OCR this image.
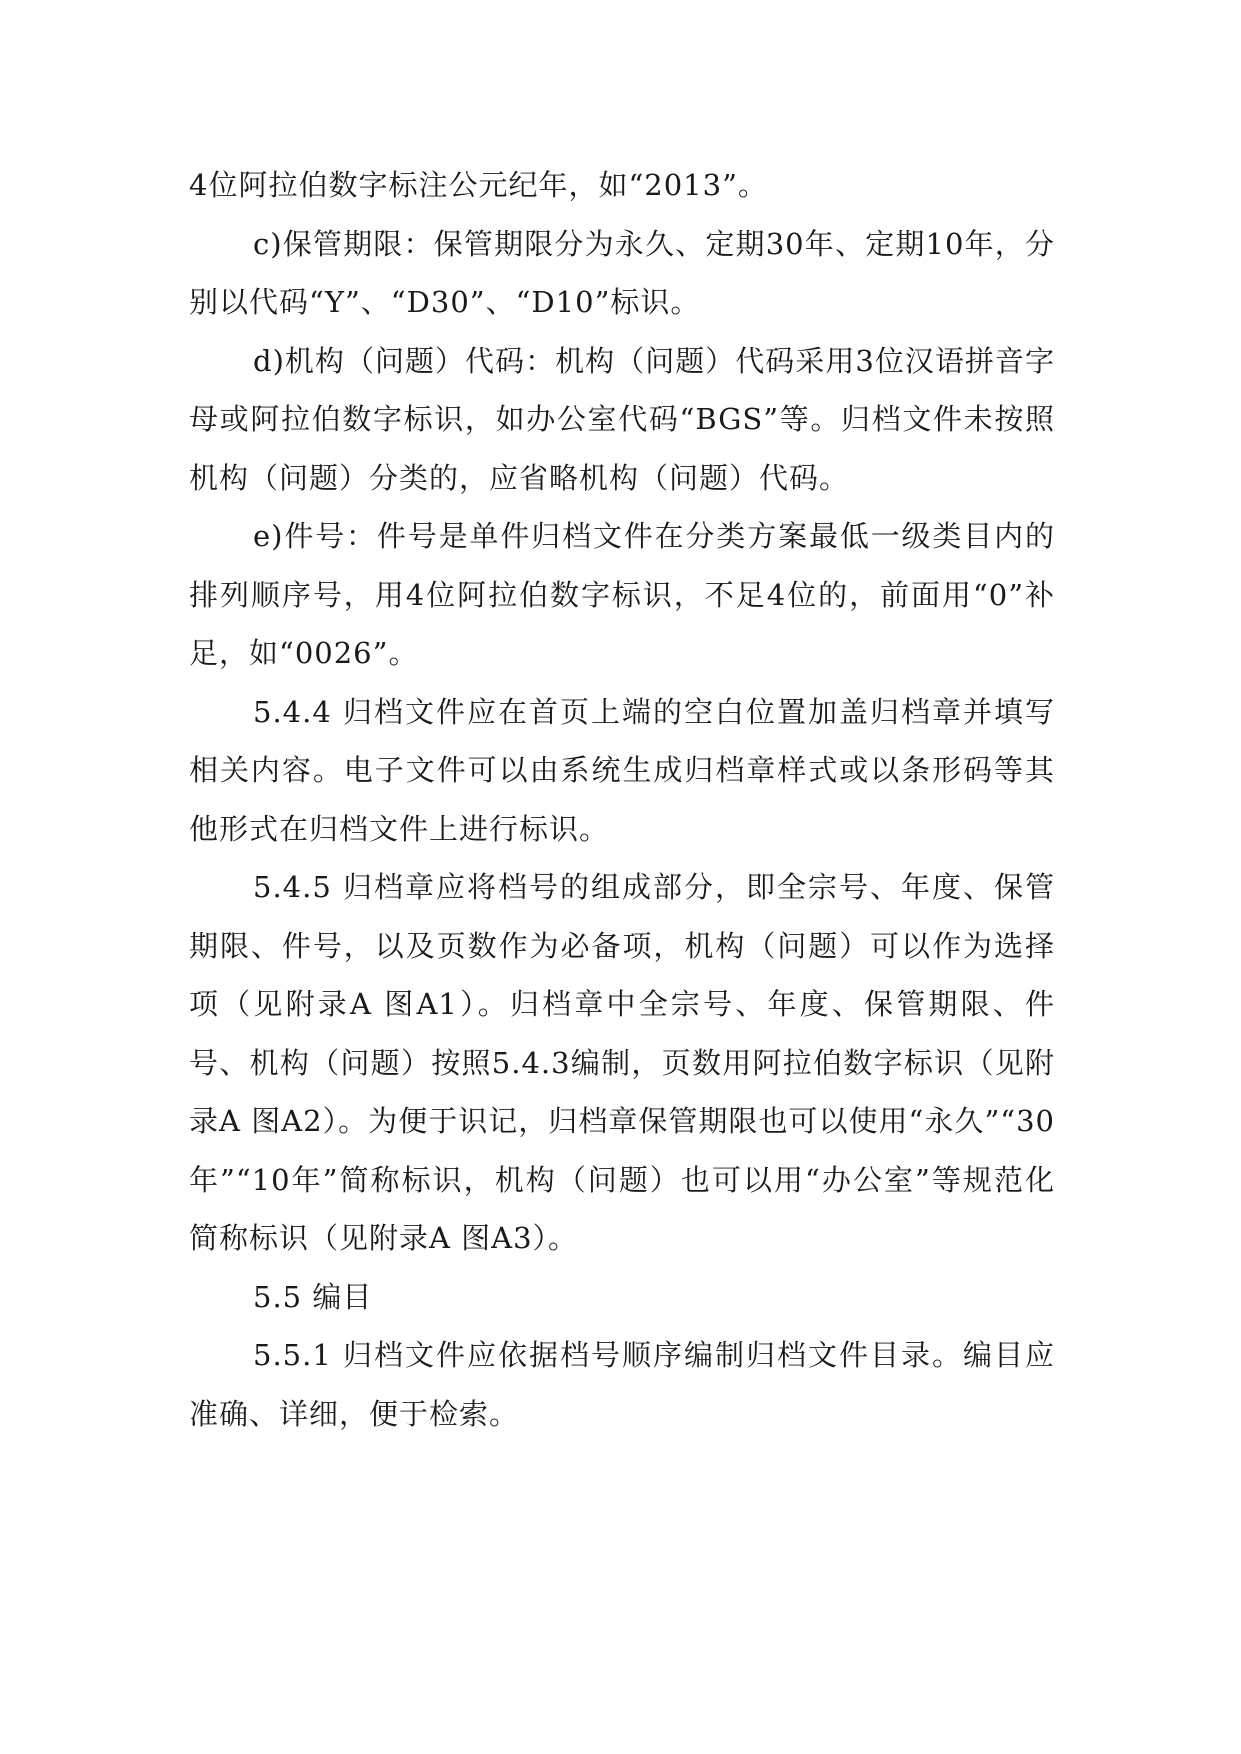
4位阿拉伯数字标注公元纪年，如“2013”。

c)保管期限：保管期限分为永久、定期30年、定期10年，分别以代码“Y”、“D30”、“D10”标识。

d)机构（问题）代码：机构（问题）代码采用3位汉语拼音字母或阿拉伯数字标识，如办公室代码“BGS”等。归档文件未按照机构（问题）分类的，应省略机构（问题）代码。

e)件号：件号是单件归档文件在分类方案最低一级类目内的排列顺序号，用4位阿拉伯数字标识，不足4位的，前面用“0”补足，如“0026”。

5.4.4 归档文件应在首页上端的空白位置加盖归档章并填写相关内容。电子文件可以由系统生成归档章样式或以条形码等其他形式在归档文件上进行标识。

5.4.5 归档章应将档号的组成部分，即全宗号、年度、保管期限、件号，以及页数作为必备项，机构（问题）可以作为选择项（见附录A 图A1）。归档章中全宗号、年度、保管期限、件号、机构（问题）按照5.4.3编制，页数用阿拉伯数字标识（见附录A 图A2）。为便于识记，归档章保管期限也可以使用“永久”“30年”“10年”简称标识，机构（问题）也可以用“办公室”等规范化简称标识（见附录A 图A3）。

5.5 编目

5.5.1 归档文件应依据档号顺序编制归档文件目录。编目应准确、详细，便于检索。
